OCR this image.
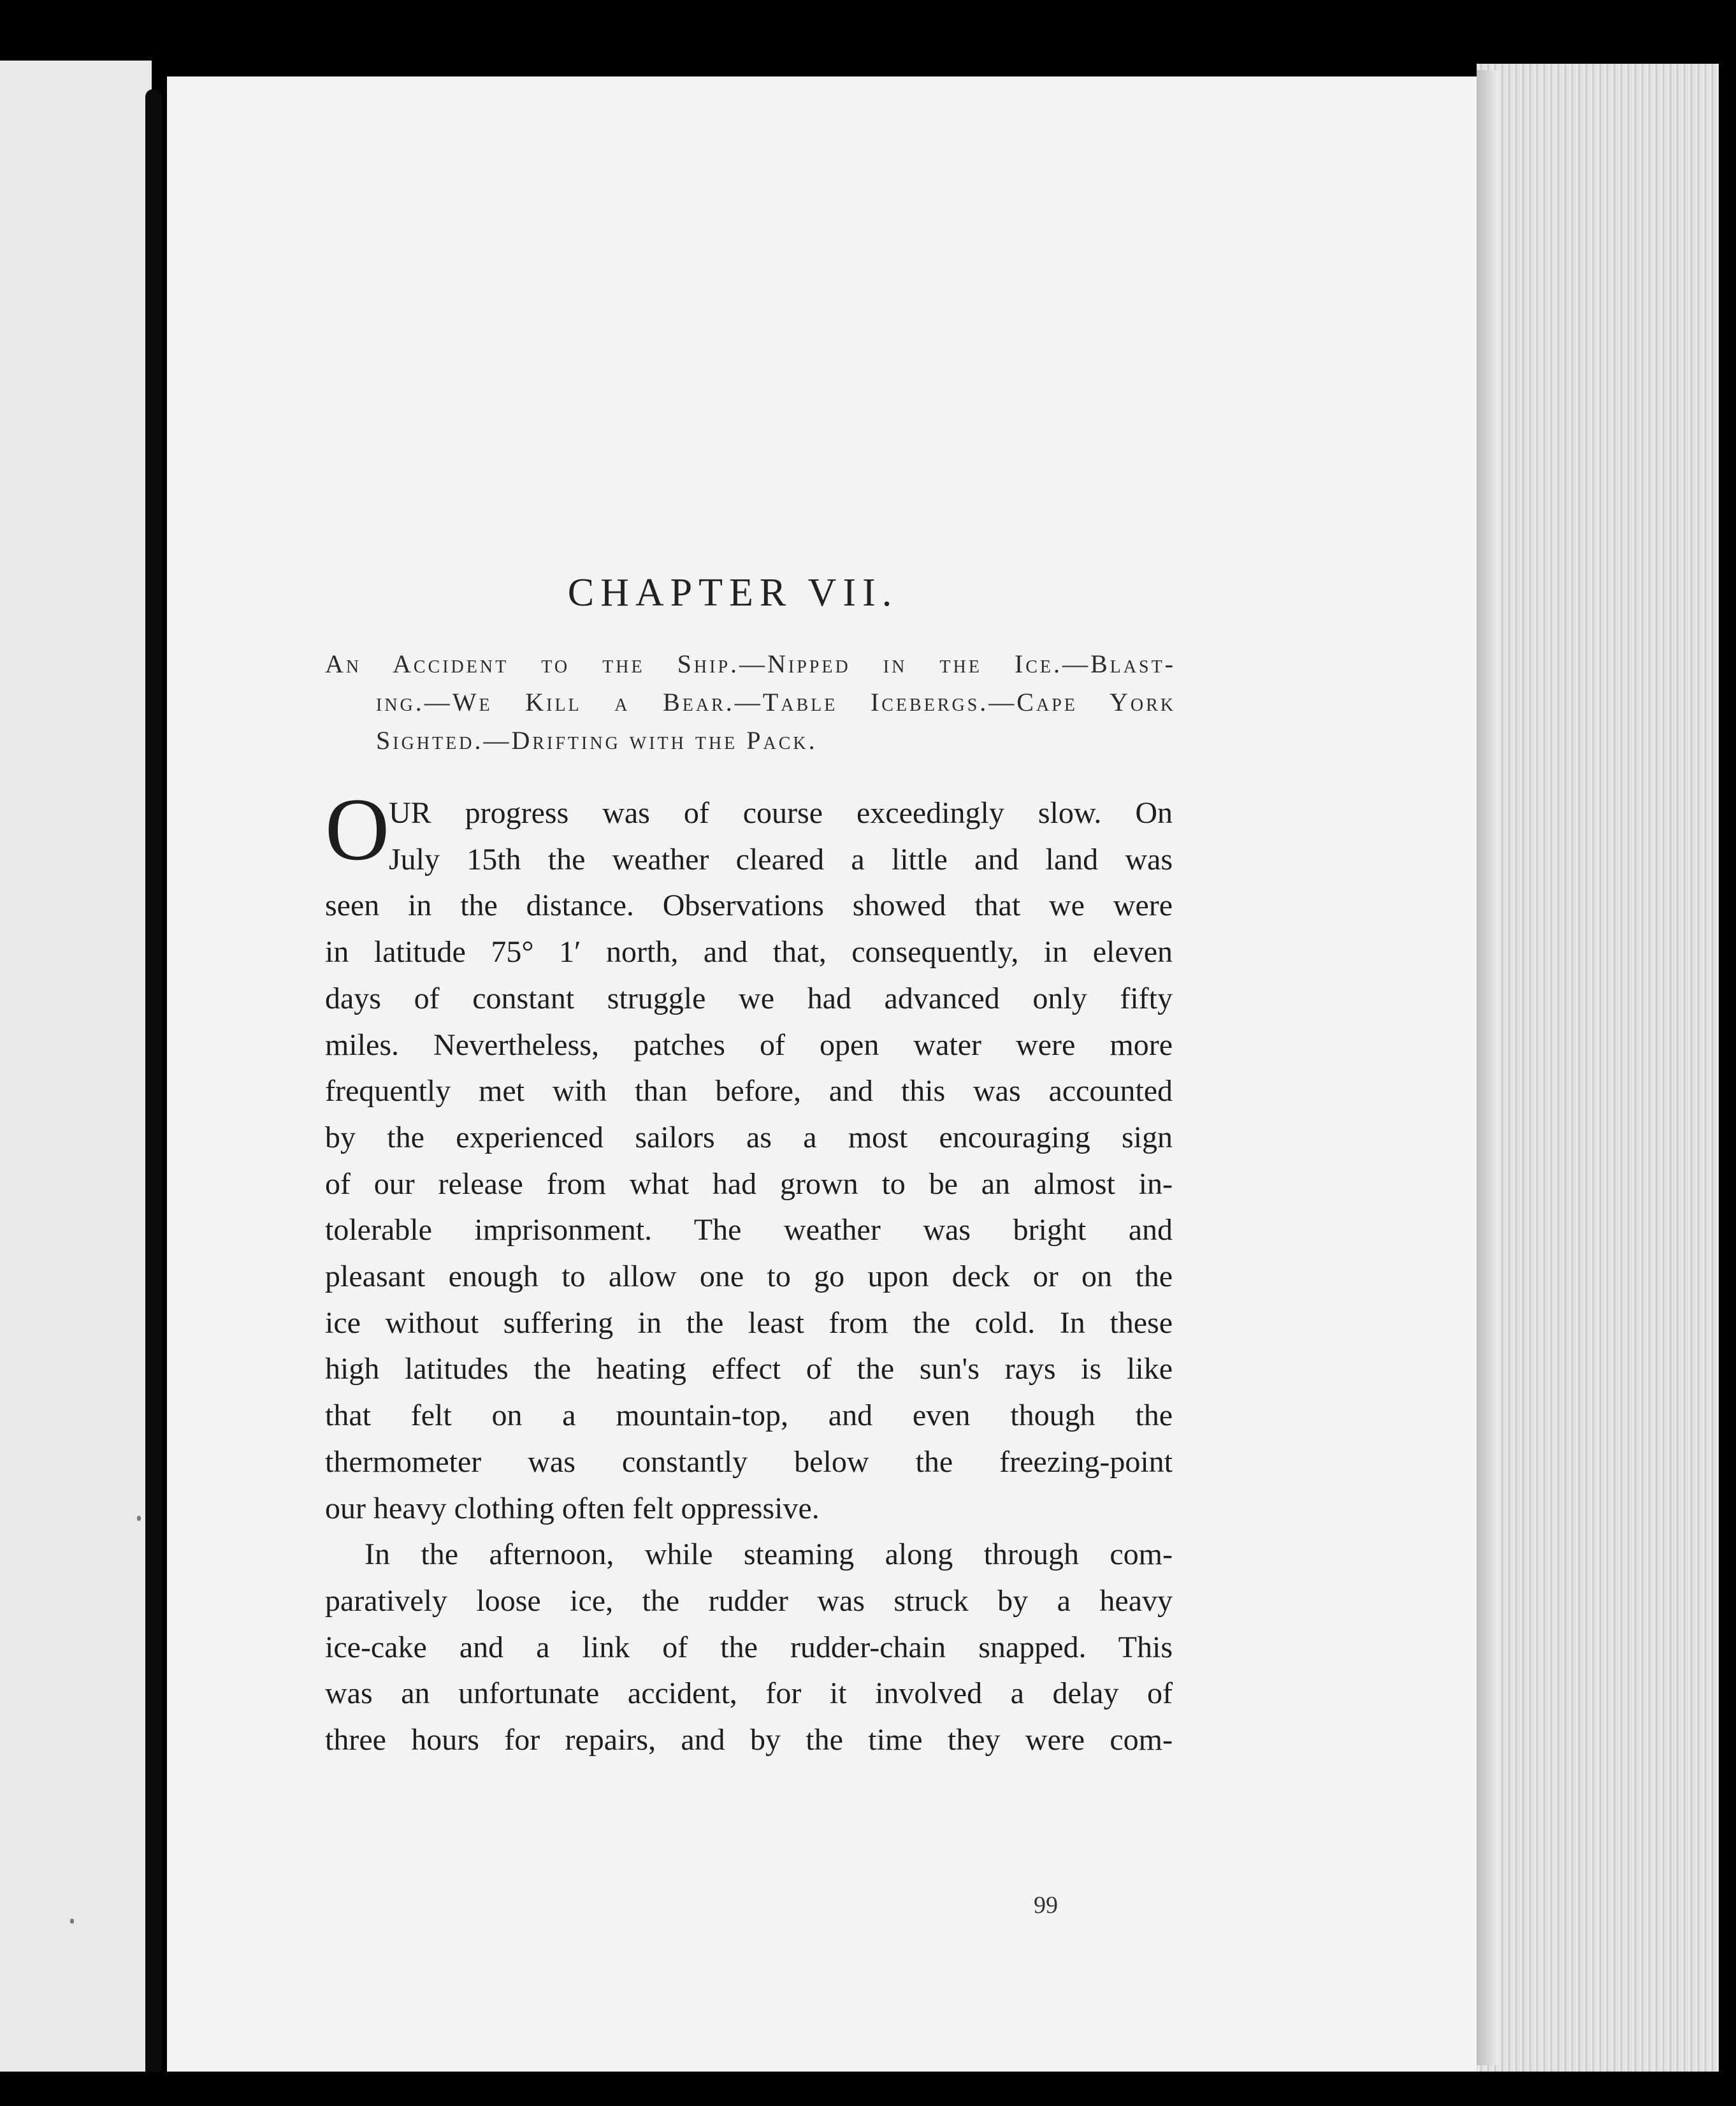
CHAPTER VII.
An Accident to the Ship.—Nipped in the Ice.—Blast-
ing.—We Kill a Bear.—Table Icebergs.—Cape York
Sighted.—Drifting with the Pack.
O
UR progress was of course exceedingly slow. On
July 15th the weather cleared a little and land was
seen in the distance. Observations showed that we were
in latitude 75° 1′ north, and that, consequently, in eleven
days of constant struggle we had advanced only fifty
miles. Nevertheless, patches of open water were more
frequently met with than before, and this was accounted
by the experienced sailors as a most encouraging sign
of our release from what had grown to be an almost in-
tolerable imprisonment. The weather was bright and
pleasant enough to allow one to go upon deck or on the
ice without suffering in the least from the cold. In these
high latitudes the heating effect of the sun's rays is like
that felt on a mountain-top, and even though the
thermometer was constantly below the freezing-point
our heavy clothing often felt oppressive.
In the afternoon, while steaming along through com-
paratively loose ice, the rudder was struck by a heavy
ice-cake and a link of the rudder-chain snapped. This
was an unfortunate accident, for it involved a delay of
three hours for repairs, and by the time they were com-
99
